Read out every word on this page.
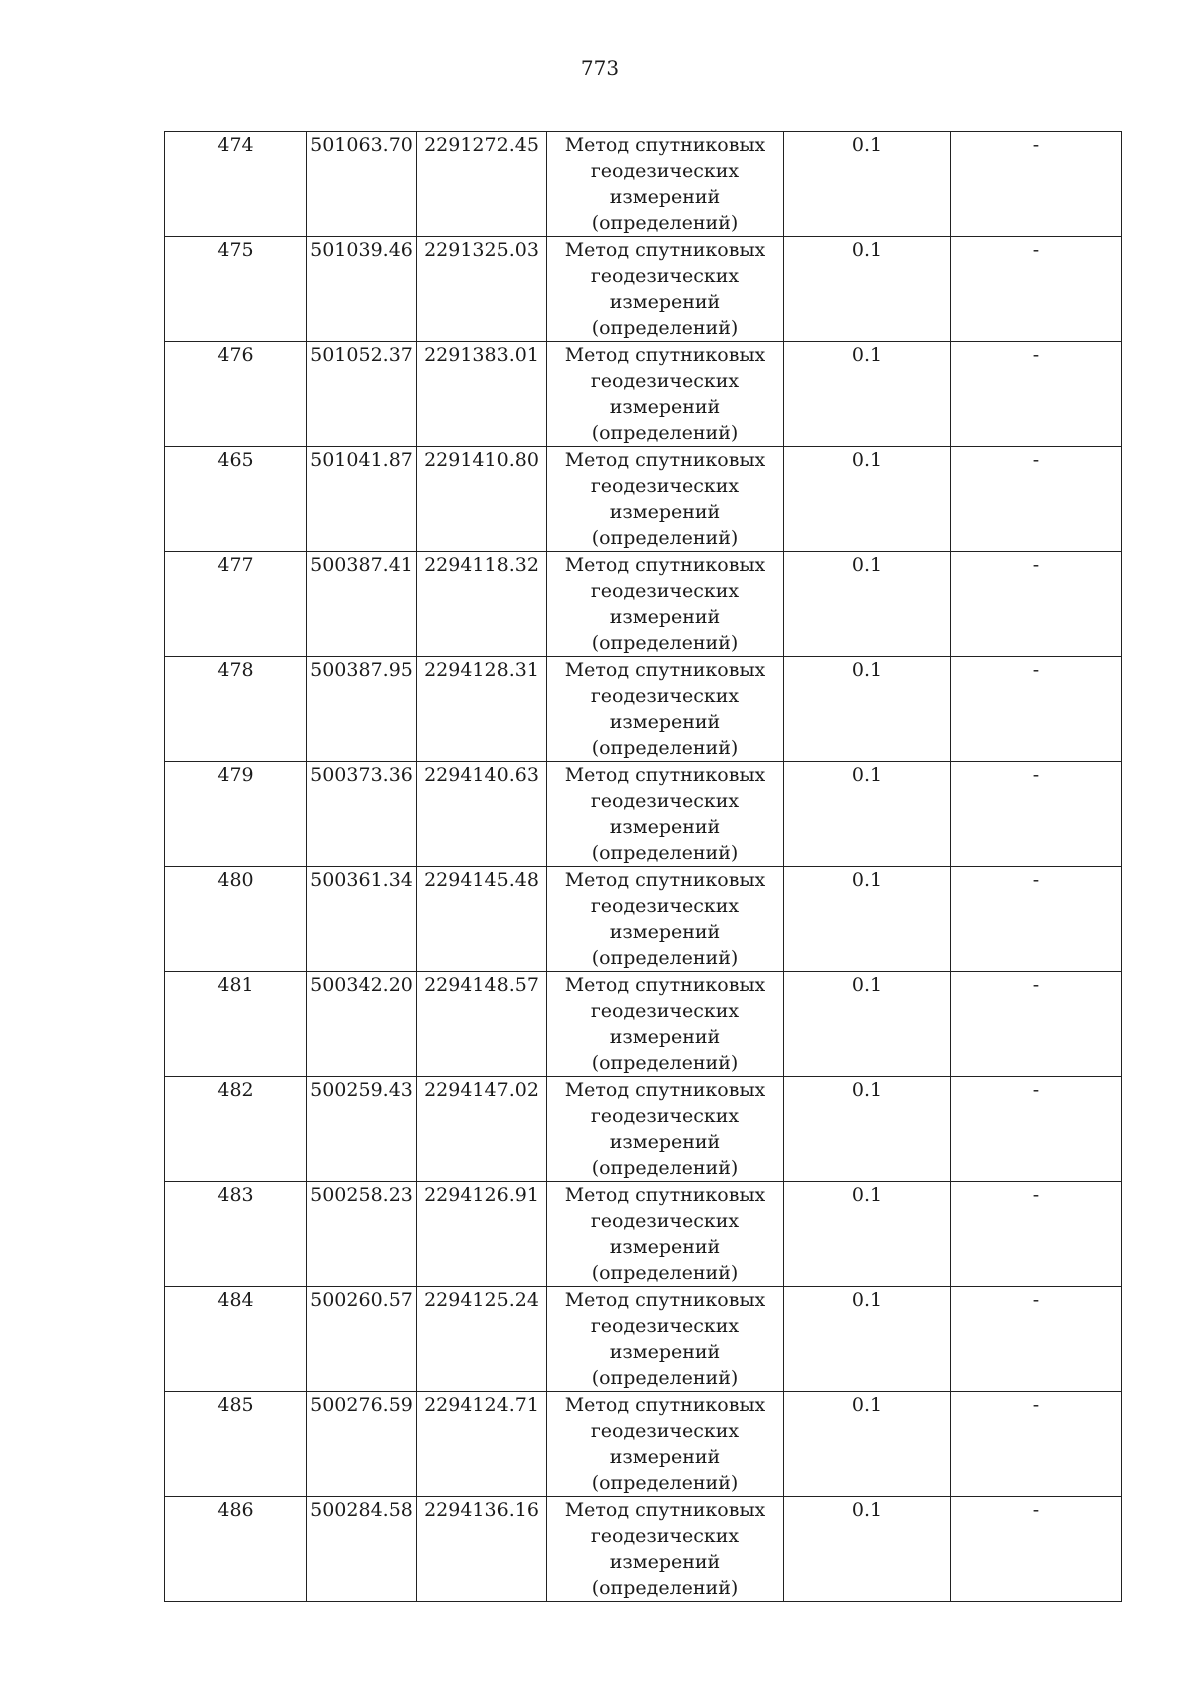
773
474	501063.70	2291272.45	Метод спутниковых
геодезических
измерений
(определений)	0.1	-
475	501039.46	2291325.03	Метод спутниковых
геодезических
измерений
(определений)	0.1	-
476	501052.37	2291383.01	Метод спутниковых
геодезических
измерений
(определений)	0.1	-
465	501041.87	2291410.80	Метод спутниковых
геодезических
измерений
(определений)	0.1	-
477	500387.41	2294118.32	Метод спутниковых
геодезических
измерений
(определений)	0.1	-
478	500387.95	2294128.31	Метод спутниковых
геодезических
измерений
(определений)	0.1	-
479	500373.36	2294140.63	Метод спутниковых
геодезических
измерений
(определений)	0.1	-
480	500361.34	2294145.48	Метод спутниковых
геодезических
измерений
(определений)	0.1	-
481	500342.20	2294148.57	Метод спутниковых
геодезических
измерений
(определений)	0.1	-
482	500259.43	2294147.02	Метод спутниковых
геодезических
измерений
(определений)	0.1	-
483	500258.23	2294126.91	Метод спутниковых
геодезических
измерений
(определений)	0.1	-
484	500260.57	2294125.24	Метод спутниковых
геодезических
измерений
(определений)	0.1	-
485	500276.59	2294124.71	Метод спутниковых
геодезических
измерений
(определений)	0.1	-
486	500284.58	2294136.16	Метод спутниковых
геодезических
измерений
(определений)	0.1	-
